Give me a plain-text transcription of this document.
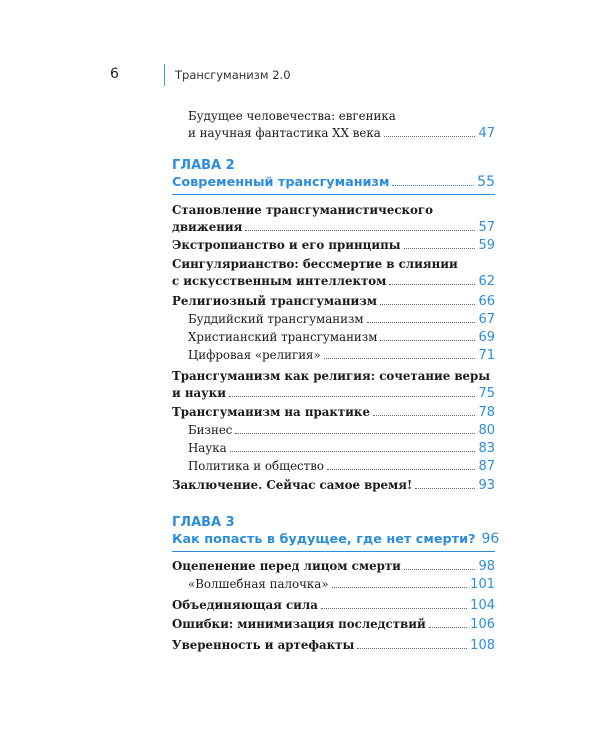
6	Трансгуманизм 2.0
Будущее человечества: евгеника
и научная фантастика XX века	47
ГЛАВА 2
Современный трансгуманизм	55
Становление трансгуманистического
движения	57
Экстропианство и его принципы	59
Сингулярианство: бессмертие в слиянии
с искусственным интеллектом	62
Религиозный трансгуманизм	66
Буддийский трансгуманизм	67
Христианский трансгуманизм	69
Цифровая «религия»	71
Трансгуманизм как религия: сочетание веры
и науки	75
Трансгуманизм на практике	78
Бизнес	80
Наука	83
Политика и общество	87
Заключение. Сейчас самое время!	93
ГЛАВА 3
Как попасть в будущее, где нет смерти? 96
Оцепенение перед лицом смерти	98
«Волшебная палочка»	101
Объединяющая сила	104
Ошибки: минимизация последствий	106
Уверенность и артефакты	108
